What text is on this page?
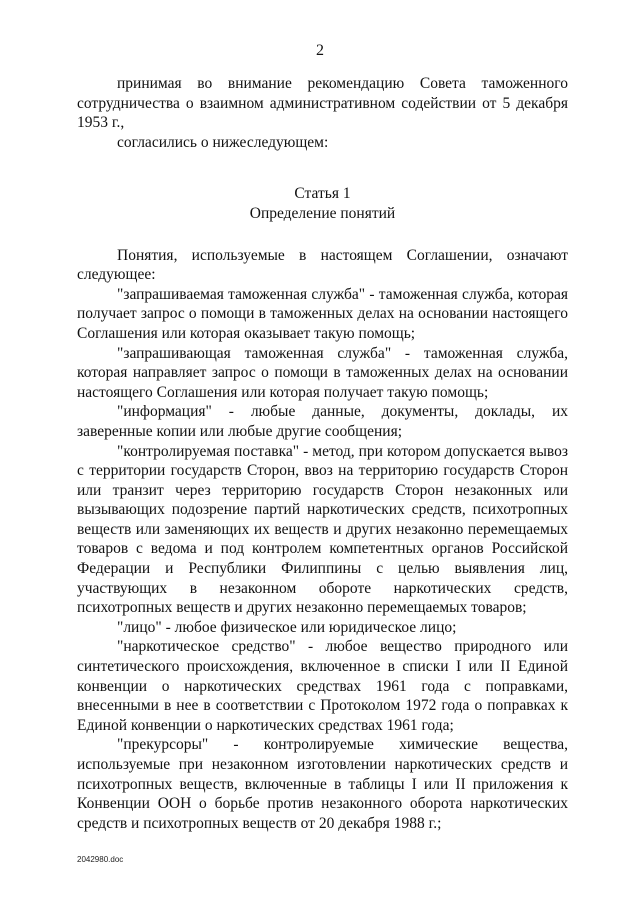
2

принимая во внимание рекомендацию Совета таможенного сотрудничества о взаимном административном содействии от 5 декабря 1953 г.,

согласились о нижеследующем:

Статья 1
Определение понятий

Понятия, используемые в настоящем Соглашении, означают следующее:

"запрашиваемая таможенная служба" - таможенная служба, которая получает запрос о помощи в таможенных делах на основании настоящего Соглашения или которая оказывает такую помощь;

"запрашивающая таможенная служба" - таможенная служба, которая направляет запрос о помощи в таможенных делах на основании настоящего Соглашения или которая получает такую помощь;

"информация" - любые данные, документы, доклады, их заверенные копии или любые другие сообщения;

"контролируемая поставка" - метод, при котором допускается вывоз с территории государств Сторон, ввоз на территорию государств Сторон или транзит через территорию государств Сторон незаконных или вызывающих подозрение партий наркотических средств, психотропных веществ или заменяющих их веществ и других незаконно перемещаемых товаров с ведома и под контролем компетентных органов Российской Федерации и Республики Филиппины с целью выявления лиц, участвующих в незаконном обороте наркотических средств, психотропных веществ и других незаконно перемещаемых товаров;

"лицо" - любое физическое или юридическое лицо;

"наркотическое средство" - любое вещество природного или синтетического происхождения, включенное в списки I или II Единой конвенции о наркотических средствах 1961 года с поправками, внесенными в нее в соответствии с Протоколом 1972 года о поправках к Единой конвенции о наркотических средствах 1961 года;

"прекурсоры" - контролируемые химические вещества, используемые при незаконном изготовлении наркотических средств и психотропных веществ, включенные в таблицы I или II приложения к Конвенции ООН о борьбе против незаконного оборота наркотических средств и психотропных веществ от 20 декабря 1988 г.;

2042980.doc
